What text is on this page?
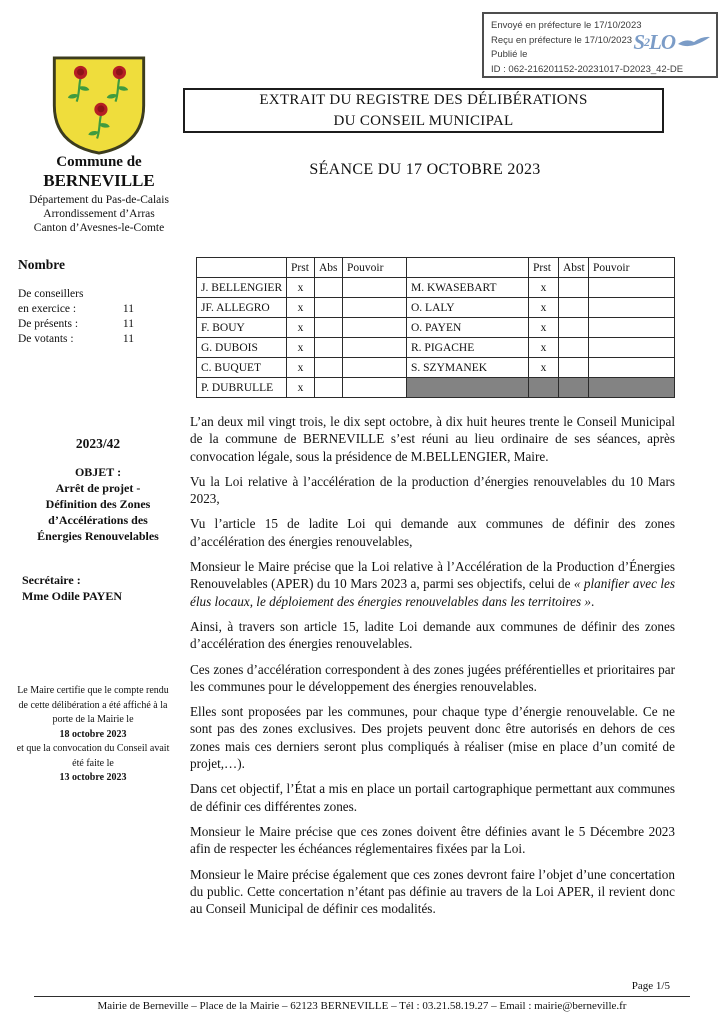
Envoyé en préfecture le 17/10/2023
Reçu en préfecture le 17/10/2023
Publié le
ID : 062-216201152-20231017-D2023_42-DE
S 2 LO
Commune de
BERNEVILLE
Département du Pas-de-Calais
Arrondissement d’Arras
Canton d’Avesnes-le-Comte
EXTRAIT DU REGISTRE DES DÉLIBÉRATIONS
DU CONSEIL MUNICIPAL
SÉANCE DU 17 OCTOBRE 2023
Nombre
De conseillers
en exercice :	11
De présents :	11
De votants :	11
	Prst	Abs	Pouvoir		Prst	Abst	Pouvoir
J. BELLENGIER	x			M. KWASEBART	x		
JF. ALLEGRO	x			O. LALY	x		
F. BOUY	x			O. PAYEN	x		
G. DUBOIS	x			R. PIGACHE	x		
C. BUQUET	x			S. SZYMANEK	x		
P. DUBRULLE	x						
2023/42
OBJET :
Arrêt de projet -
Définition des Zones
d’Accélérations des
Énergies Renouvelables
Secrétaire :
Mme Odile PAYEN
Le Maire certifie que le compte rendu de cette délibération a été affiché à la porte de la Mairie le
18 octobre 2023
et que la convocation du Conseil avait été faite le
13 octobre 2023

L’an deux mil vingt trois, le dix sept octobre, à dix huit heures trente le Conseil Municipal de la commune de BERNEVILLE s’est réuni au lieu ordinaire de ses séances, après convocation légale, sous la présidence de M.BELLENGIER, Maire.

Vu la Loi relative à l’accélération de la production d’énergies renouvelables du 10 Mars 2023,

Vu l’article 15 de ladite Loi qui demande aux communes de définir des zones d’accélération des énergies renouvelables,

Monsieur le Maire précise que la Loi relative à l’Accélération de la Production d’Énergies Renouvelables (APER) du 10 Mars 2023 a, parmi ses objectifs, celui de « planifier avec les élus locaux, le déploiement des énergies renouvelables dans les territoires ».

Ainsi, à travers son article 15, ladite Loi demande aux communes de définir des zones d’accélération des énergies renouvelables.

Ces zones d’accélération correspondent à des zones jugées préférentielles et prioritaires par les communes pour le développement des énergies renouvelables.

Elles sont proposées par les communes, pour chaque type d’énergie renouvelable. Ce ne sont pas des zones exclusives. Des projets peuvent donc être autorisés en dehors de ces zones mais ces derniers seront plus compliqués à réaliser (mise en place d’un comité de projet,…).

Dans cet objectif, l’État a mis en place un portail cartographique permettant aux communes de définir ces différentes zones.

Monsieur le Maire précise que ces zones doivent être définies avant le 5 Décembre 2023 afin de respecter les échéances réglementaires fixées par la Loi.

Monsieur le Maire précise également que ces zones devront faire l’objet d’une concertation du public. Cette concertation n’étant pas définie au travers de la Loi APER, il revient donc au Conseil Municipal de définir ces modalités.

Page 1/5
Mairie de Berneville – Place de la Mairie – 62123 BERNEVILLE – Tél : 03.21.58.19.27 – Email : mairie@berneville.fr
